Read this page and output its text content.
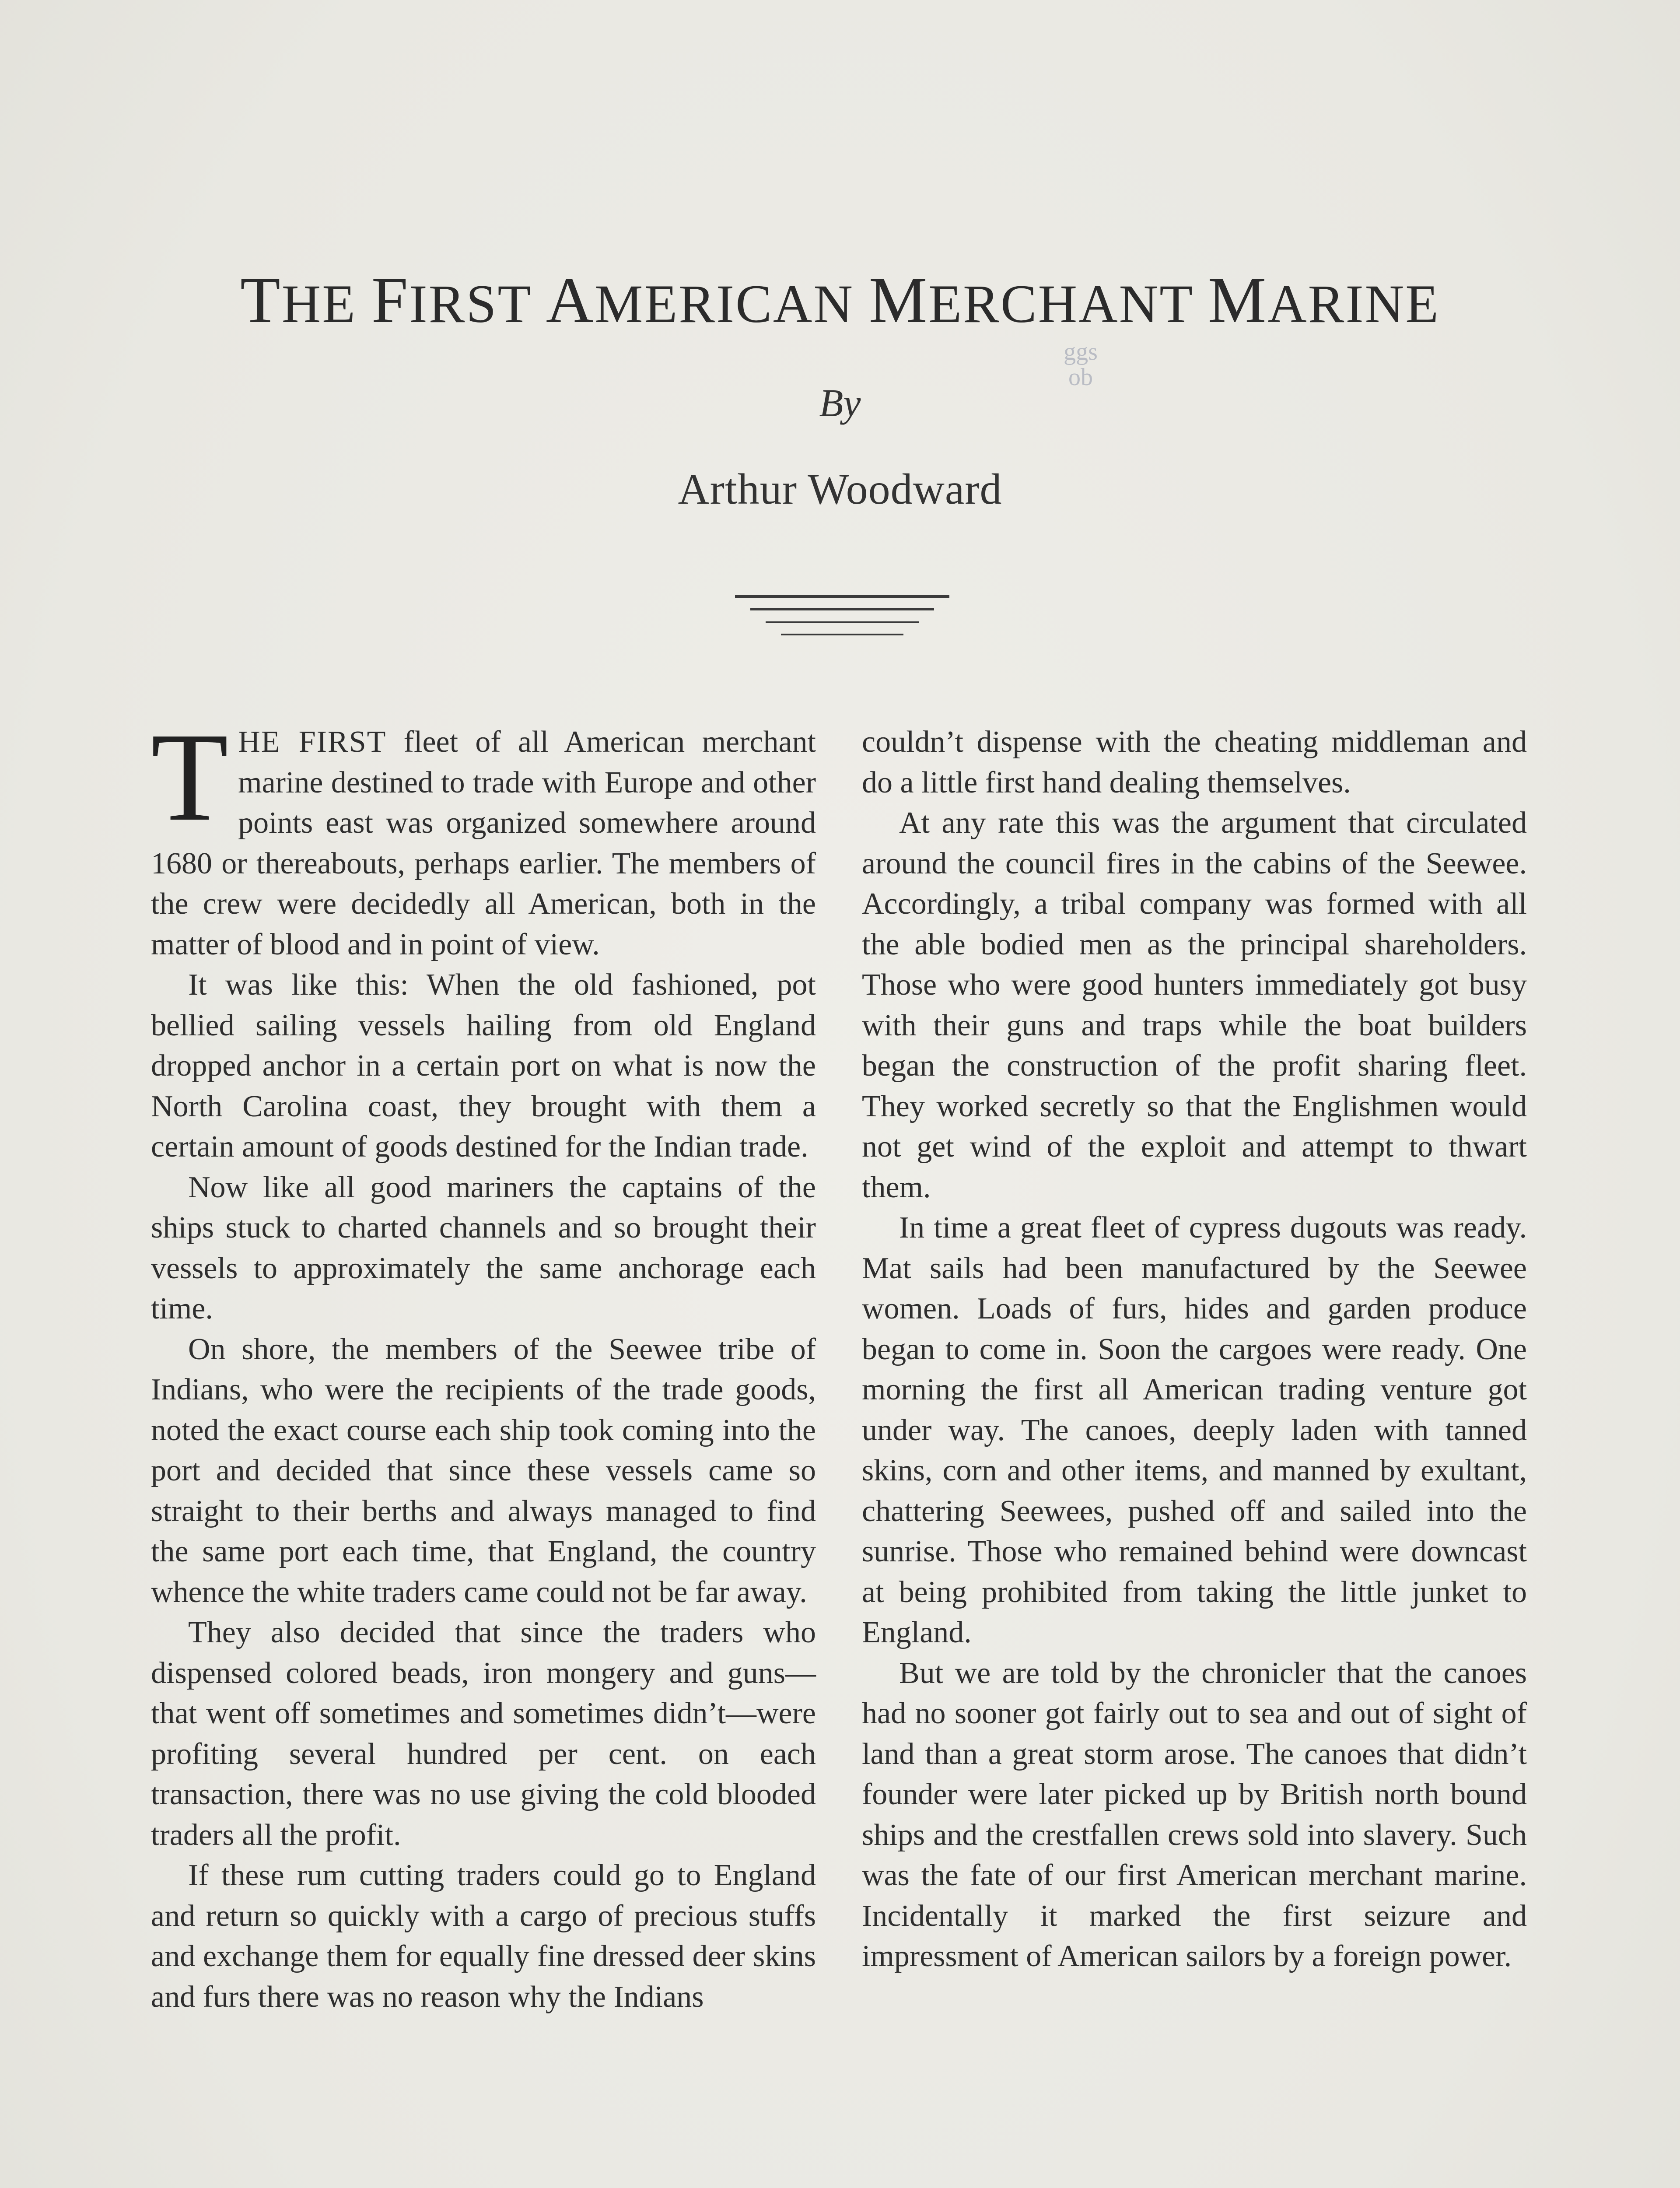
THE FIRST AMERICAN MERCHANT MARINE
By
ggs
ob
Arthur Woodward

THE FIRST fleet of all American merchant marine destined to trade with Europe and other points east was organized somewhere around 1680 or thereabouts, perhaps earlier. The members of the crew were decidedly all American, both in the matter of blood and in point of view.

It was like this: When the old fashioned, pot bellied sailing vessels hailing from old England dropped anchor in a certain port on what is now the North Carolina coast, they brought with them a certain amount of goods destined for the Indian trade.

Now like all good mariners the captains of the ships stuck to charted channels and so brought their vessels to approximately the same anchorage each time.

On shore, the members of the Seewee tribe of Indians, who were the recipients of the trade goods, noted the exact course each ship took coming into the port and decided that since these vessels came so straight to their berths and always managed to find the same port each time, that England, the country whence the white traders came could not be far away.

They also decided that since the traders who dispensed colored beads, iron mongery and guns—that went off sometimes and sometimes didn’t—were profiting several hundred per cent. on each transaction, there was no use giving the cold blooded traders all the profit.

If these rum cutting traders could go to England and return so quickly with a cargo of precious stuffs and exchange them for equally fine dressed deer skins and furs there was no reason why the Indians

couldn’t dispense with the cheating middleman and do a little first hand dealing themselves.

At any rate this was the argument that circulated around the council fires in the cabins of the Seewee. Accordingly, a tribal company was formed with all the able bodied men as the principal shareholders. Those who were good hunters immediately got busy with their guns and traps while the boat builders began the construction of the profit sharing fleet. They worked secretly so that the Englishmen would not get wind of the exploit and attempt to thwart them.

In time a great fleet of cypress dugouts was ready. Mat sails had been manufactured by the Seewee women. Loads of furs, hides and garden produce began to come in. Soon the cargoes were ready. One morning the first all American trading venture got under way. The canoes, deeply laden with tanned skins, corn and other items, and manned by exultant, chattering Seewees, pushed off and sailed into the sunrise. Those who remained behind were downcast at being prohibited from taking the little junket to England.

But we are told by the chronicler that the canoes had no sooner got fairly out to sea and out of sight of land than a great storm arose. The canoes that didn’t founder were later picked up by British north bound ships and the crestfallen crews sold into slavery. Such was the fate of our first American merchant marine. Incidentally it marked the first seizure and impressment of American sailors by a foreign power.
